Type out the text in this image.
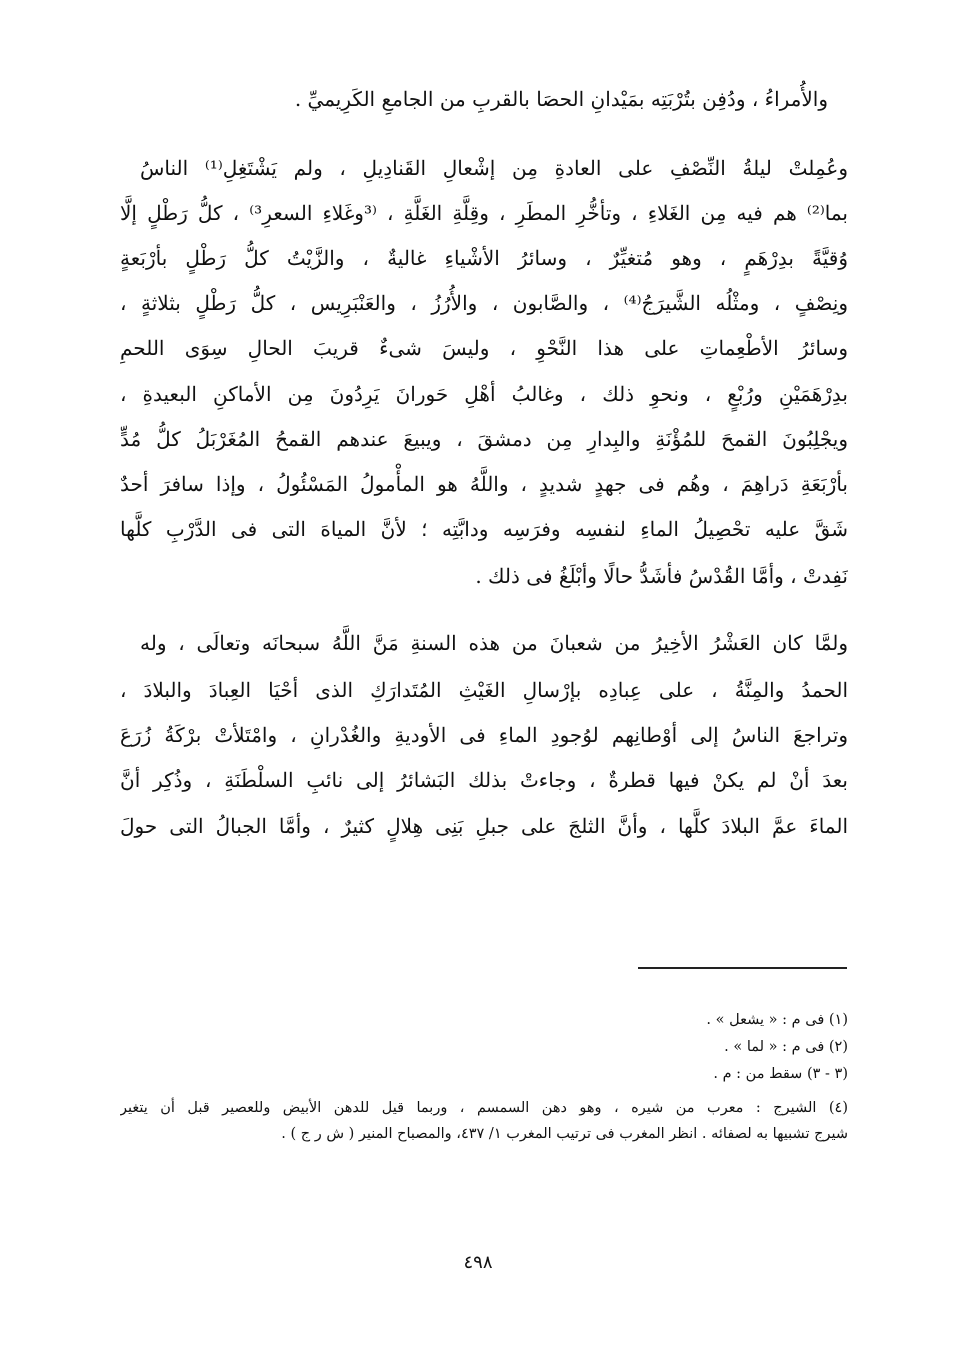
والأُمراءُ ، ودُفِن بتُرْبَتِه بمَيْدانِ الحصَا بالقربِ من الجامعِ الكَرِيميِّ .
وعُمِلتْ ليلةُ النِّصْفِ على العادةِ مِن إشْعالِ القَنادِيلِ ، ولم يَشْتَغِلِ⁽¹⁾ الناسُ
بما⁽²⁾ هم فيه مِن الغَلاءِ ، وتأخُّرِ المطَرِ ، وقِلَّةِ الغَلَّةِ ، ⁽³وغَلاءِ السعرِ³⁾ ، كلُّ رَطْلٍ إلَّا
وُقيَّةً بدِرْهَمٍ ، وهو مُتغيِّرٌ ، وسائرُ الأشْياءِ غاليةٌ ، والزَّيْتُ كلُّ رَطْلٍ بأرْبَعةٍ
ونِصْفٍ ، ومثْلُه الشَّيرَجُ⁽⁴⁾ ، والصَّابون ، والأُرُزُ ، والعَنْبَرِيس ، كلُّ رَطْلٍ بثلاثةٍ ،
وسائرُ الأطْعِماتِ على هذا النَّحْوِ ، وليسَ شىءٌ قريبَ الحالِ سِوَى اللحمِ
بدِرْهَمَيْنِ ورُبْعٍ ، ونحوِ ذلك ، وغالبُ أهْلِ حَورانَ يَرِدُونَ مِن الأماكنِ البعيدةِ ،
ويجْلِبُونَ القمحَ للمُؤْنَةِ والبِدارِ مِن دمشقَ ، ويبيعَ عندهم القمحُ المُغَرْبَلُ كلُّ مُدٍّ
بأرْبَعَةِ دَراهِمَ ، وهُم فى جهدٍ شديدٍ ، واللَّهُ هو المأْمولُ المَسْئُولُ ، وإذا سافرَ أحدٌ
شَقَّ عليه تحْصِيلُ الماءِ لنفسِه وفرَسِه ودابَّتِه ؛ لأنَّ المياهَ التى فى الدَّرْبِ كلَّها
نَفِدتْ ، وأمَّا القُدْسُ فأشَدُّ حالًا وأبْلَغُ فى ذلك .
ولمَّا كان العَشْرُ الأخِيرُ من شعبانَ من هذه السنةِ مَنَّ اللَّهُ سبحانَه وتعالَى ، وله
الحمدُ والمِنَّةُ ، على عِبادِه بإرْسالِ الغَيْثِ المُتَدارَكِ الذى أحْيَا العِبادَ والبلادَ ،
وتراجعَ الناسُ إلى أوْطانِهم لوُجودِ الماءِ فى الأوديةِ والغُدْرانِ ، وامْتَلأتْ برْكَةُ زُرَعَ
بعدَ أنْ لم يكنْ فيها قطرةٌ ، وجاءتْ بذلك البَشائرُ إلى نائبِ السلْطَنَةِ ، وذُكِر أنَّ
الماءَ عمَّ البلادَ كلَّها ، وأنَّ الثلجَ على جبلِ بَنِى هِلالٍ كثيرٌ ، وأمَّا الجبالُ التى حولَ
(١) فى م : « يشعل » .
(٢) فى م : « لما » .
(٣ - ٣) سقط من : م .
(٤) الشيرج : معرب من شيره ، وهو دهن السمسم ، وربما قيل للدهن الأبيض وللعصير قبل أن يتغير
شيرج تشبيها به لصفائه . انظر المغرب فى ترتيب المغرب ١/ ٤٣٧، والمصباح المنير ( ش ر ج ) .
٤٩٨
